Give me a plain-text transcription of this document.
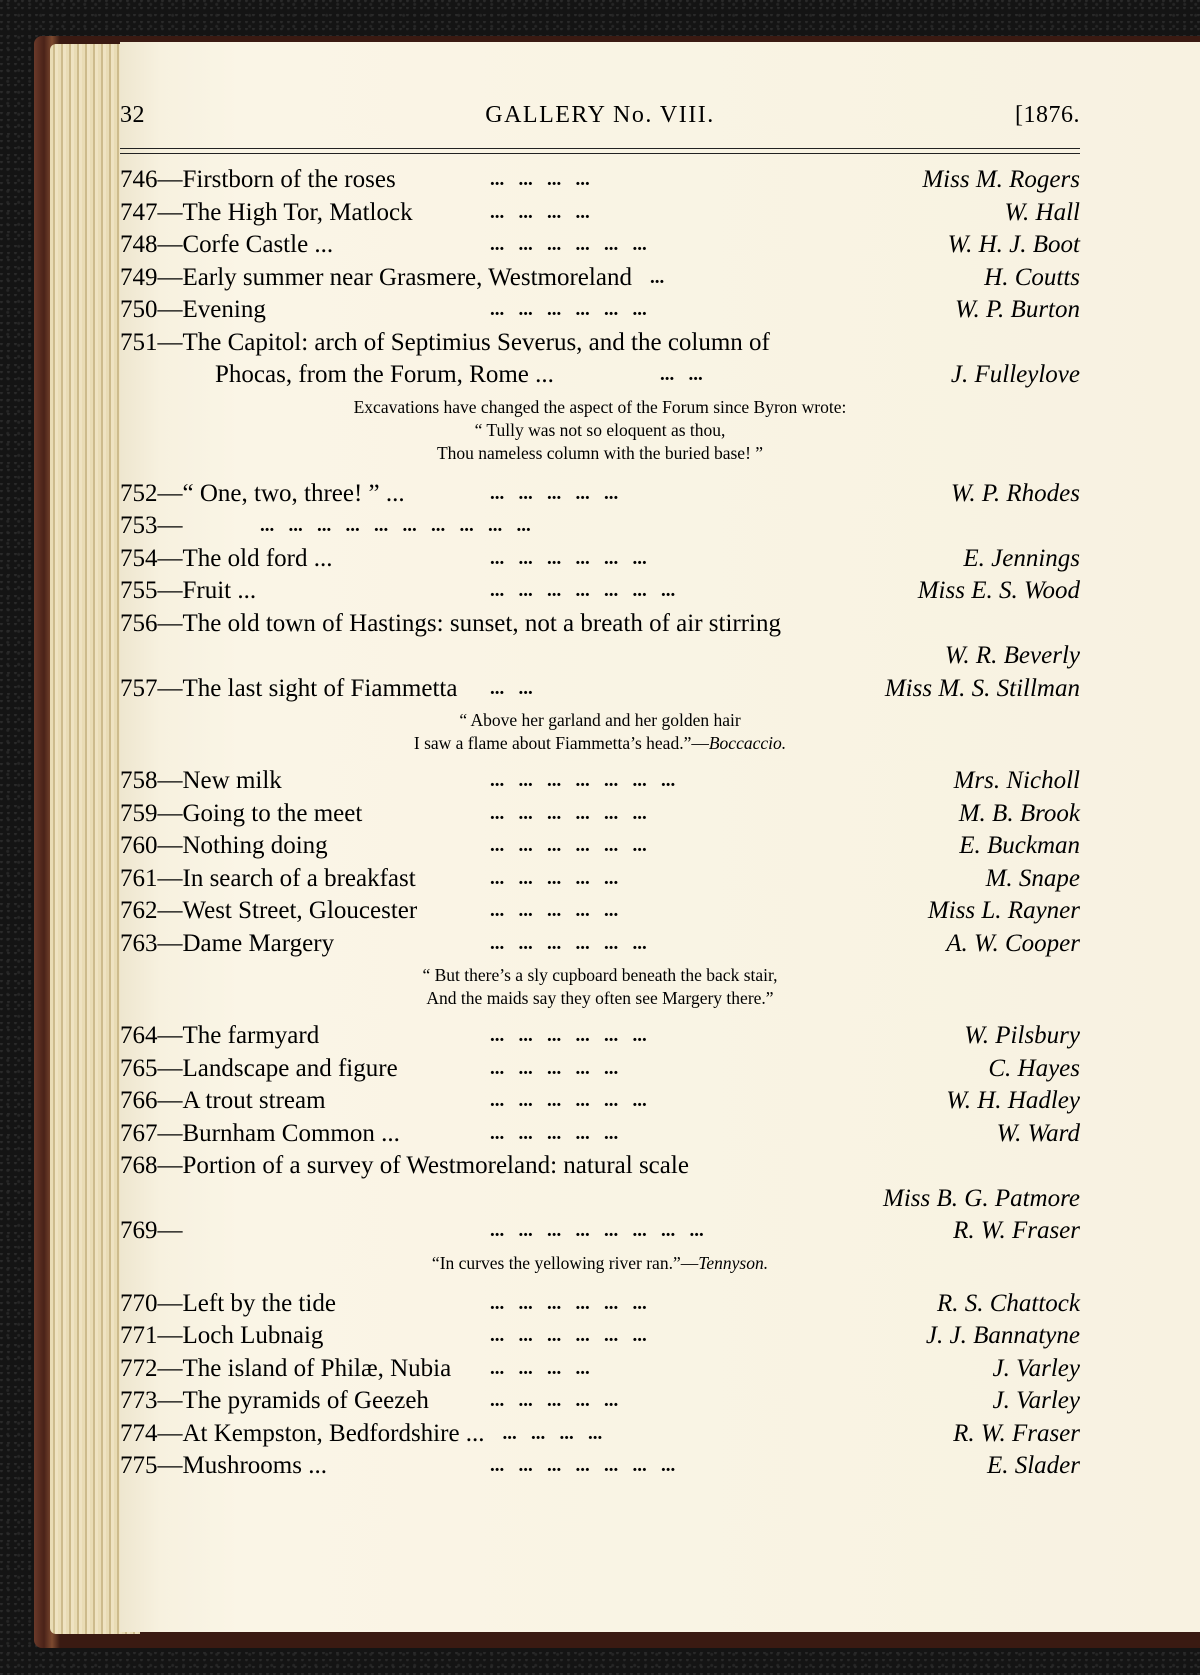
32	GALLERY No. VIII.	[1876.
746—Firstborn of the roses	...   ...   ...   ...	Miss M. Rogers
747—The High Tor, Matlock	...   ...   ...   ...	W. Hall
748—Corfe Castle ...	...   ...   ...   ...   ...   ...	W. H. J. Boot
749—Early summer near Grasmere, Westmoreland ...	H. Coutts
750—Evening	...   ...   ...   ...   ...   ...	W. P. Burton
751—The Capitol: arch of Septimius Severus, and the column of
Phocas, from the Forum, Rome ...	...   ...	J. Fulleylove
Excavations have changed the aspect of the Forum since Byron wrote:
“ Tully was not so eloquent as thou,
Thou nameless column with the buried base! ”
752—“ One, two, three! ” ...	...   ...   ...   ...   ...	W. P. Rhodes
753—	...   ...   ...   ...   ...   ...   ...   ...   ...   ...
754—The old ford ...	...   ...   ...   ...   ...   ...	E. Jennings
755—Fruit ...	...   ...   ...   ...   ...   ...   ...	Miss E. S. Wood
756—The old town of Hastings: sunset, not a breath of air stirring
W. R. Beverly
757—The last sight of Fiammetta ...   ...	Miss M. S. Stillman
“ Above her garland and her golden hair
I saw a flame about Fiammetta’s head.”—Boccaccio.
758—New milk	...   ...   ...   ...   ...   ...   ...	Mrs. Nicholl
759—Going to the meet	...   ...   ...   ...   ...   ...	M. B. Brook
760—Nothing doing	...   ...   ...   ...   ...   ...	E. Buckman
761—In search of a breakfast	...   ...   ...   ...   ...	M. Snape
762—West Street, Gloucester	...   ...   ...   ...   ...	Miss L. Rayner
763—Dame Margery	...   ...   ...   ...   ...   ...	A. W. Cooper
“ But there’s a sly cupboard beneath the back stair,
And the maids say they often see Margery there.”
764—The farmyard	...   ...   ...   ...   ...   ...	W. Pilsbury
765—Landscape and figure	...   ...   ...   ...   ...	C. Hayes
766—A trout stream	...   ...   ...   ...   ...   ...	W. H. Hadley
767—Burnham Common ...	...   ...   ...   ...   ...	W. Ward
768—Portion of a survey of Westmoreland: natural scale
Miss B. G. Patmore
769—	...   ...   ...   ...   ...   ...   ...   ...	R. W. Fraser
“In curves the yellowing river ran.”—Tennyson.
770—Left by the tide	...   ...   ...   ...   ...   ...	R. S. Chattock
771—Loch Lubnaig	...   ...   ...   ...   ...   ...	J. J. Bannatyne
772—The island of Philæ, Nubia ...   ...   ...   ...	J. Varley
773—The pyramids of Geezeh	...   ...   ...   ...   ...	J. Varley
774—At Kempston, Bedfordshire ... ...   ...   ...   ...	R. W. Fraser
775—Mushrooms ...	...   ...   ...   ...   ...   ...   ...	E. Slader
